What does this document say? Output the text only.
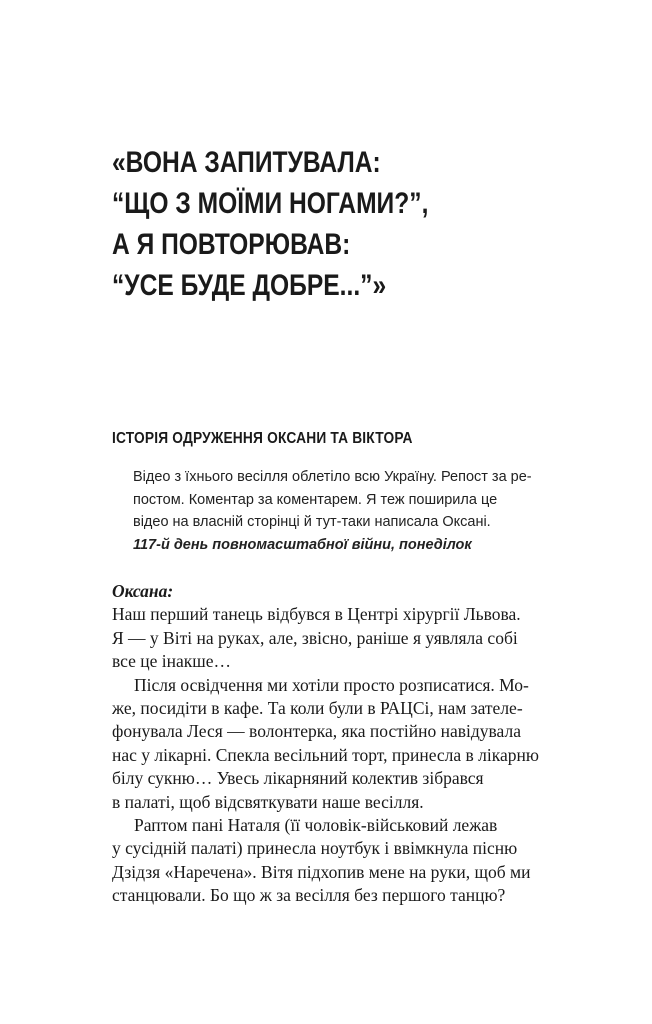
«ВОНА ЗАПИТУВАЛА:
“ЩО З МОЇМИ НОГАМИ?”,
А Я ПОВТОРЮВАВ:
“УСЕ БУДЕ ДОБРЕ...”»
ІСТОРІЯ ОДРУЖЕННЯ ОКСАНИ ТА ВІКТОРА
Відео з їхнього весілля облетіло всю Україну. Репост за ре-
постом. Коментар за коментарем. Я теж поширила це
відео на власній сторінці й тут-таки написала Оксані.
117-й день повномасштабної війни, понеділок
Оксана:
Наш перший танець відбувся в Центрі хірургії Львова.
Я — у Віті на руках, але, звісно, раніше я уявляла собі
все це інакше…
Після освідчення ми хотіли просто розписатися. Мо-
же, посидіти в кафе. Та коли були в РАЦСі, нам зателе-
фонувала Леся — волонтерка, яка постійно навідувала
нас у лікарні. Спекла весільний торт, принесла в лікарню
білу сукню… Увесь лікарняний колектив зібрався
в палаті, щоб відсвяткувати наше весілля.
Раптом пані Наталя (її чоловік-військовий лежав
у сусідній палаті) принесла ноутбук і ввімкнула пісню
Дзідзя «Наречена». Вітя підхопив мене на руки, щоб ми
станцювали. Бо що ж за весілля без першого танцю?
